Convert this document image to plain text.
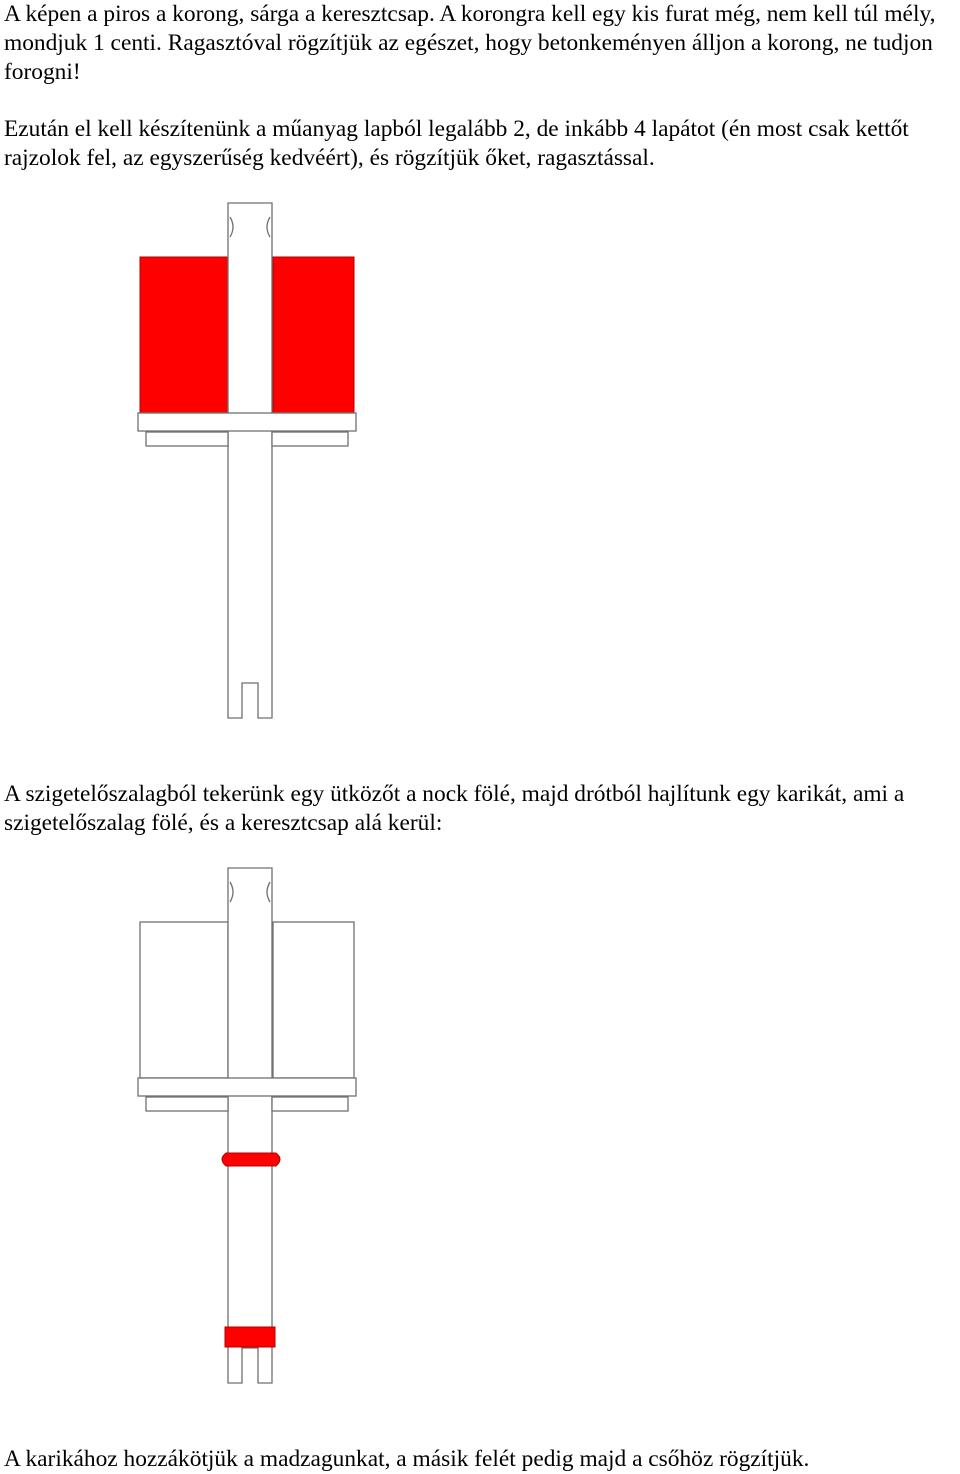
A képen a piros a korong, sárga a keresztcsap. A korongra kell egy kis furat még, nem kell túl mély, mondjuk 1 centi. Ragasztóval rögzítjük az egészet, hogy betonkeményen álljon a korong, ne tudjon forogni!

Ezután el kell készítenünk a műanyag lapból legalább 2, de inkább 4 lapátot (én most csak kettőt rajzolok fel, az egyszerűség kedvéért), és rögzítjük őket, ragasztással.

A szigetelőszalagból tekerünk egy ütközőt a nock fölé, majd drótból hajlítunk egy karikát, ami a szigetelőszalag fölé, és a keresztcsap alá kerül:

A karikához hozzákötjük a madzagunkat, a másik felét pedig majd a csőhöz rögzítjük.
